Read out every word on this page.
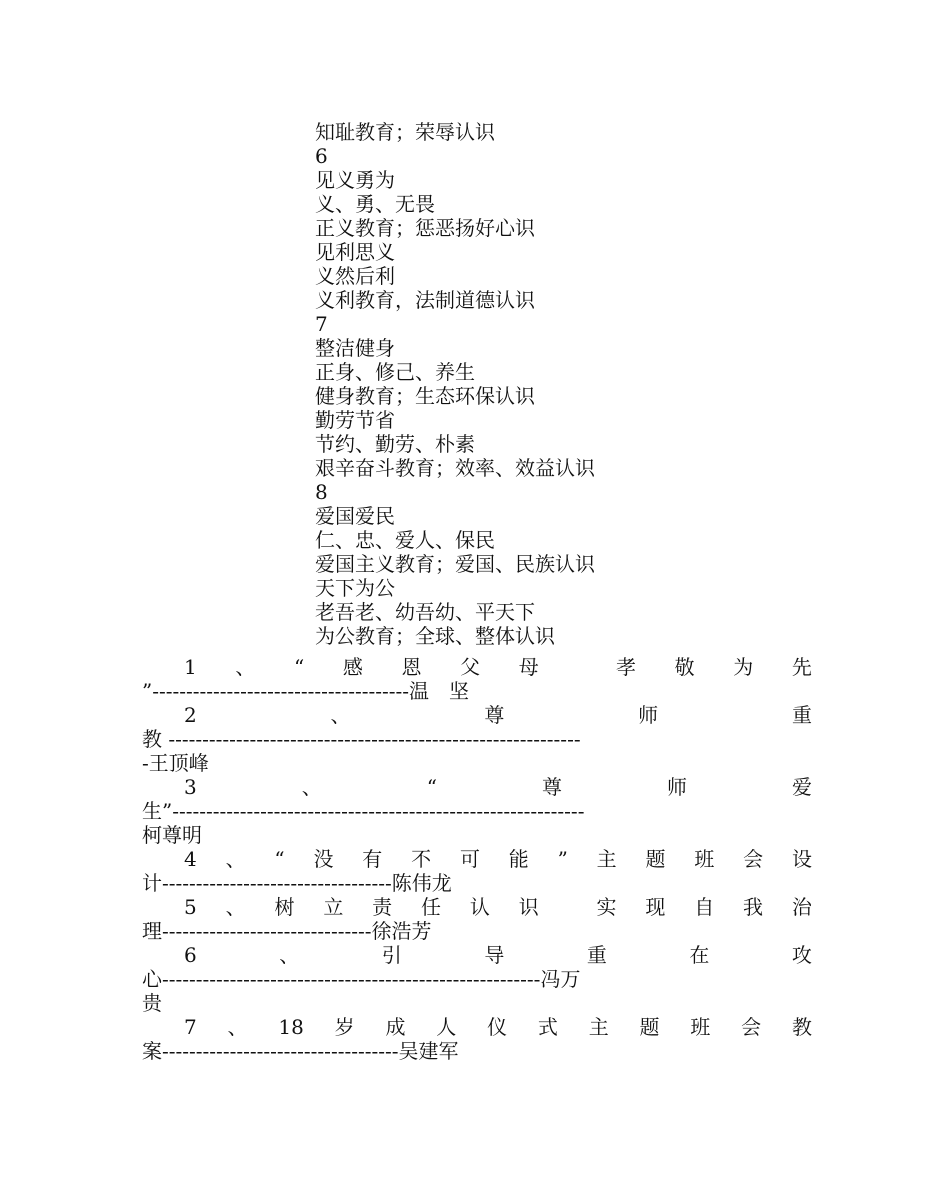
知耻教育；荣辱认识
6
见义勇为
义、勇、无畏
正义教育；惩恶扬好心识
见利思义
义然后利
义利教育，法制道德认识
7
整洁健身
正身、修己、养生
健身教育；生态环保认识
勤劳节省
节约、勤劳、朴素
艰辛奋斗教育；效率、效益认识
8
爱国爱民
仁、忠、爱人、保民
爱国主义教育；爱国、民族认识
天下为公
老吾老、幼吾幼、平天下
为公教育；全球、整体认识
1 、 “ 感 恩 父 母	孝 敬 为 先
”--------------------------------------温　坚
2	、	尊	师	重
教 -------------------------------------------------------------
-王顶峰
3	、	“	尊	师	爱
生”-------------------------------------------------------------
柯尊明
4 、 “ 没 有 不 可 能 ” 主 题 班 会 设
计----------------------------------陈伟龙
5 、 树 立 责 任 认 识	实 现 自 我 治
理-------------------------------徐浩芳
6	、	引	导	重	在	攻
心--------------------------------------------------------冯万
贵
7 、 18 岁 成 人 仪 式 主 题 班 会 教
案-----------------------------------吴建军
